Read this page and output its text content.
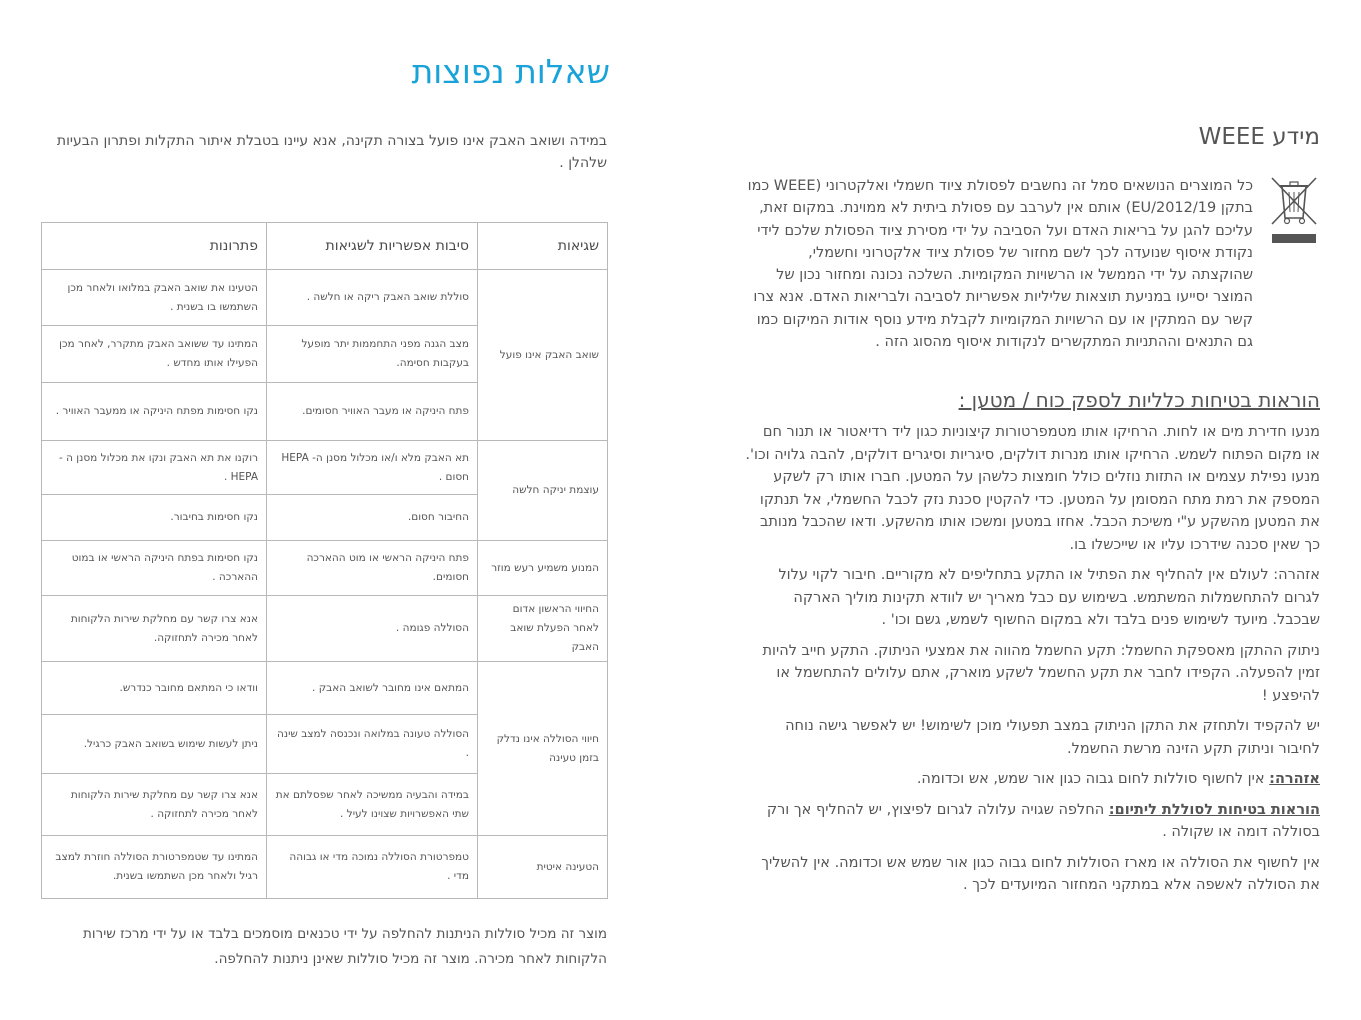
שאלות נפוצות
במידה ושואב האבק אינו פועל בצורה תקינה, אנא עיינו בטבלת איתור התקלות ופתרון הבעיות שלהלן .
שגיאות	סיבות אפשריות לשגיאות	פתרונות
שואב האבק אינו פועל	סוללת שואב האבק ריקה או חלשה .	הטעינו את שואב האבק במלואו ולאחר מכן השתמשו בו בשנית .
	מצב הגנה מפני התחממות יתר מופעל בעקבות חסימה.	המתינו עד ששואב האבק מתקרר, לאחר מכן הפעילו אותו מחדש .
	פתח היניקה או מעבר האוויר חסומים.	נקו חסימות מפתח היניקה או ממעבר האוויר .
עוצמת יניקה חלשה	תא האבק מלא ו/או מכלול מסנן ה- HEPA חסום .	רוקנו את תא האבק ונקו את מכלול מסנן ה -HEPA .
	החיבור חסום.	נקו חסימות בחיבור.
המנוע משמיע רעש מוזר	פתח היניקה הראשי או מוט ההארכה חסומים.	נקו חסימות בפתח היניקה הראשי או במוט ההארכה .
החיווי הראשון אדום לאחר הפעלת שואב האבק	הסוללה פגומה .	אנא צרו קשר עם מחלקת שירות הלקוחות לאחר מכירה לתחזוקה.
חיווי הסוללה אינו נדלק בזמן טעינה	המתאם אינו מחובר לשואב האבק .	וודאו כי המתאם מחובר כנדרש.
	הסוללה טעונה במלואה ונכנסה למצב שינה .	ניתן לעשות שימוש בשואב האבק כרגיל.
	במידה והבעיה ממשיכה לאחר שפסלתם את שתי האפשרויות שצוינו לעיל .	אנא צרו קשר עם מחלקת שירות הלקוחות לאחר מכירה לתחזוקה .
הטעינה איטית	טמפרטורת הסוללה נמוכה מדי או גבוהה מדי .	המתינו עד שטמפרטורת הסוללה חוזרת למצב רגיל ולאחר מכן השתמשו בשנית.
מוצר זה מכיל סוללות הניתנות להחלפה על ידי טכנאים מוסמכים בלבד או על ידי מרכז שירות הלקוחות לאחר מכירה. מוצר זה מכיל סוללות שאינן ניתנות להחלפה.
מידע WEEE
כל המוצרים הנושאים סמל זה נחשבים לפסולת ציוד חשמלי ואלקטרוני (WEEE כמו בתקן 2012/19/EU) אותם אין לערבב עם פסולת ביתית לא ממוינת. במקום זאת, עליכם להגן על בריאות האדם ועל הסביבה על ידי מסירת ציוד הפסולת שלכם לידי נקודת איסוף שנועדה לכך לשם מחזור של פסולת ציוד אלקטרוני וחשמלי, שהוקצתה על ידי הממשל או הרשויות המקומיות. השלכה נכונה ומחזור נכון של המוצר יסייעו במניעת תוצאות שליליות אפשריות לסביבה ולבריאות האדם. אנא צרו קשר עם המתקין או עם הרשויות המקומיות לקבלת מידע נוסף אודות המיקום כמו גם התנאים וההתניות המתקשרים לנקודות איסוף מהסוג הזה .
הוראות בטיחות כלליות לספק כוח / מטען :

מנעו חדירת מים או לחות. הרחיקו אותו מטמפרטורות קיצוניות כגון ליד רדיאטור או תנור חם או מקום הפתוח לשמש. הרחיקו אותו מנרות דולקים, סיגריות וסיגרים דולקים, להבה גלויה וכו'. מנעו נפילת עצמים או התזות נוזלים כולל חומצות כלשהן על המטען. חברו אותו רק לשקע המספק את רמת מתח המסומן על המטען. כדי להקטין סכנת נזק לכבל החשמלי, אל תנתקו את המטען מהשקע ע"י משיכת הכבל. אחזו במטען ומשכו אותו מהשקע. ודאו שהכבל מנותב כך שאין סכנה שידרכו עליו או שייכשלו בו.

אזהרה: לעולם אין להחליף את הפתיל או התקע בתחליפים לא מקוריים. חיבור לקוי עלול לגרום להתחשמלות המשתמש. בשימוש עם כבל מאריך יש לוודא תקינות מוליך הארקה שבכבל. מיועד לשימוש פנים בלבד ולא במקום החשוף לשמש, גשם וכו' .

ניתוק ההתקן מאספקת החשמל: תקע החשמל מהווה את אמצעי הניתוק. התקע חייב להיות זמין להפעלה. הקפידו לחבר את תקע החשמל לשקע מוארק, אתם עלולים להתחשמל או להיפצע !

יש להקפיד ולתחזק את התקן הניתוק במצב תפעולי מוכן לשימוש! יש לאפשר גישה נוחה לחיבור וניתוק תקע הזינה מרשת החשמל.

אזהרה: אין לחשוף סוללות לחום גבוה כגון אור שמש, אש וכדומה.

הוראות בטיחות לסוללת ליתיום: החלפה שגויה עלולה לגרום לפיצוץ, יש להחליף אך ורק בסוללה דומה או שקולה .

אין לחשוף את הסוללה או מארז הסוללות לחום גבוה כגון אור שמש אש וכדומה. אין להשליך את הסוללה לאשפה אלא במתקני המחזור המיועדים לכך .
